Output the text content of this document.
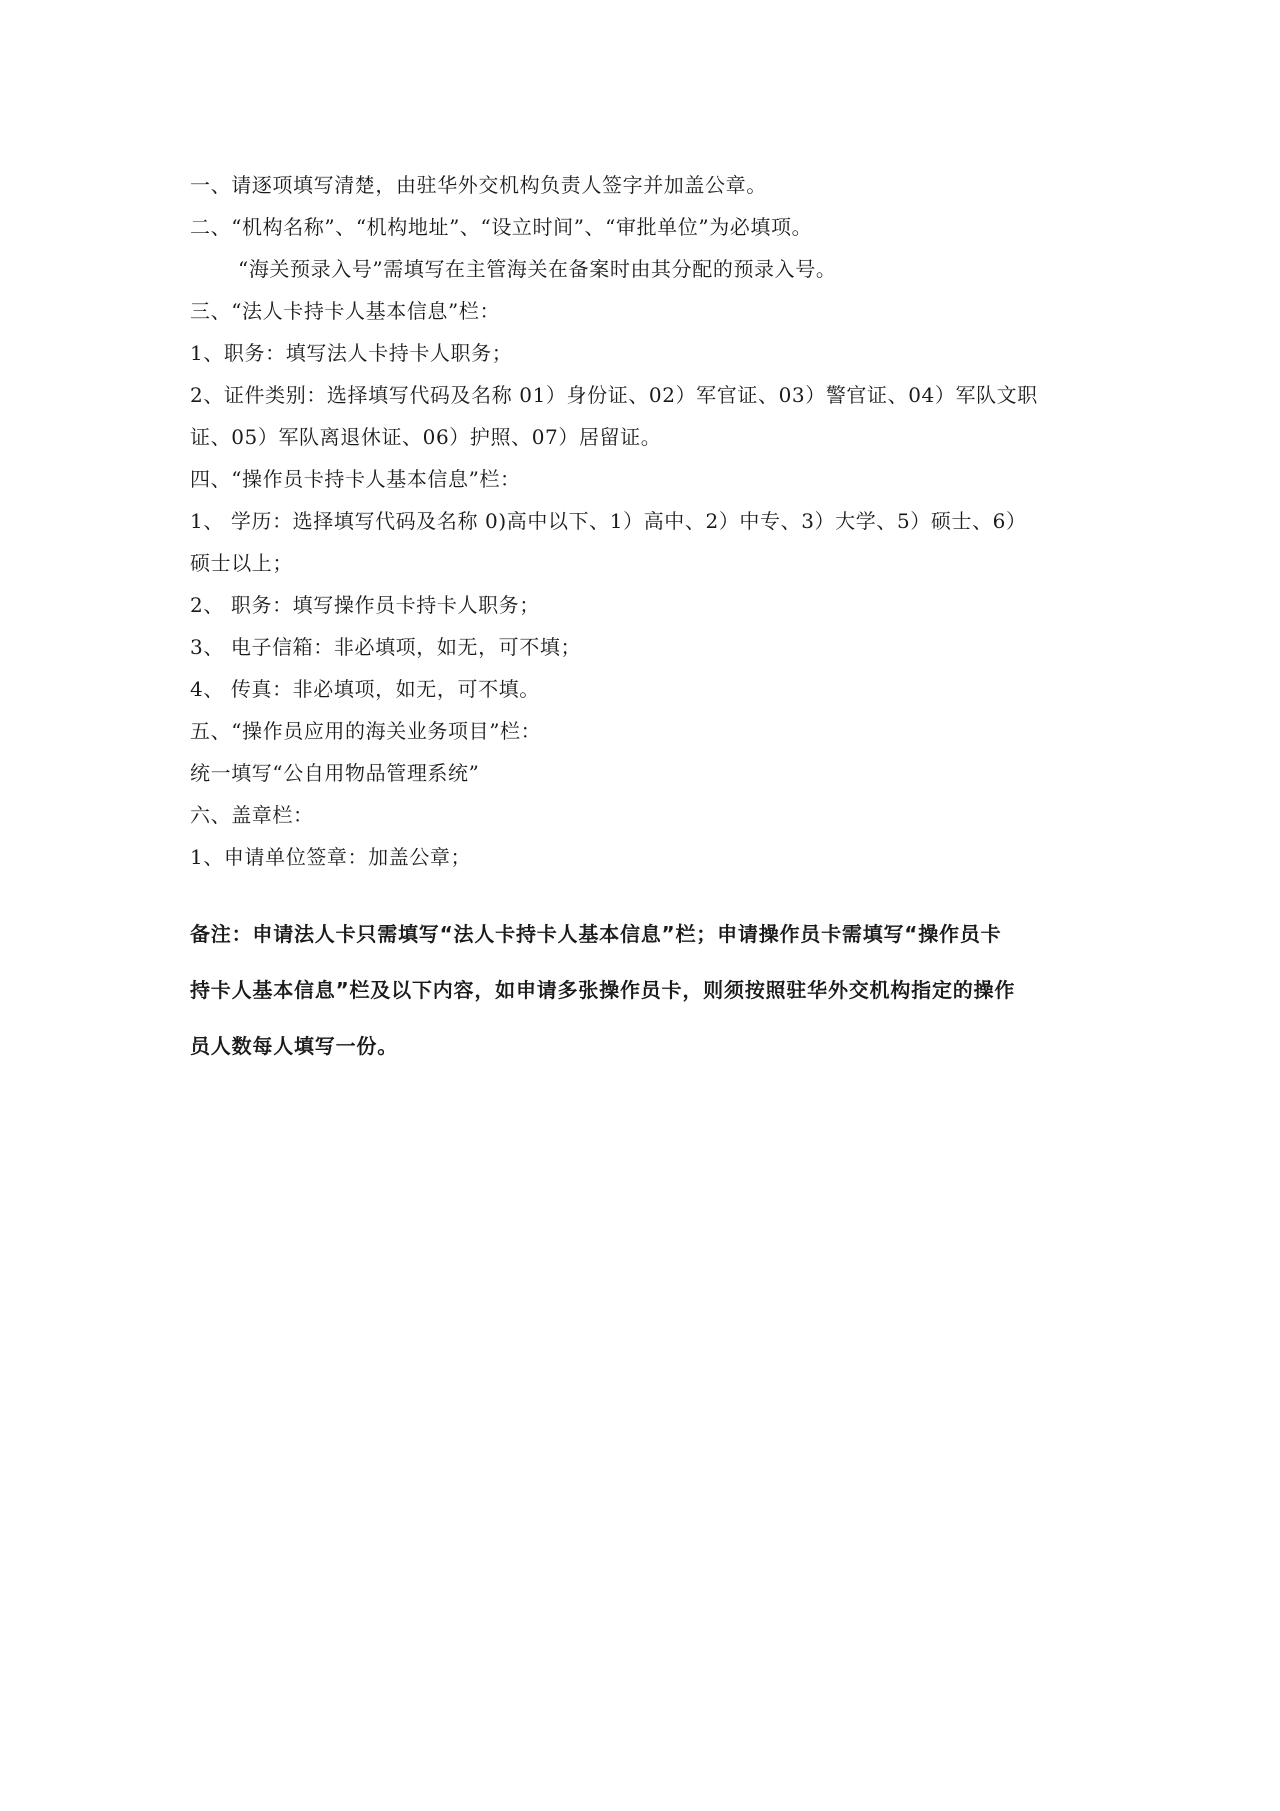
一、请逐项填写清楚，由驻华外交机构负责人签字并加盖公章。
二、“机构名称”、“机构地址”、“设立时间”、“审批单位”为必填项。
“海关预录入号”需填写在主管海关在备案时由其分配的预录入号。
三、“法人卡持卡人基本信息”栏：
1、职务：填写法人卡持卡人职务；
2、证件类别：选择填写代码及名称 01）身份证、02）军官证、03）警官证、04）军队文职
证、05）军队离退休证、06）护照、07）居留证。
四、“操作员卡持卡人基本信息”栏：
1、 学历：选择填写代码及名称 0)高中以下、1）高中、2）中专、3）大学、5）硕士、6）
硕士以上；
2、 职务：填写操作员卡持卡人职务；
3、 电子信箱：非必填项，如无，可不填；
4、 传真：非必填项，如无，可不填。
五、“操作员应用的海关业务项目”栏：
统一填写“公自用物品管理系统”
六、盖章栏：
1、申请单位签章：加盖公章；
备注：申请法人卡只需填写“法人卡持卡人基本信息”栏；申请操作员卡需填写“操作员卡
持卡人基本信息”栏及以下内容，如申请多张操作员卡，则须按照驻华外交机构指定的操作
员人数每人填写一份。
